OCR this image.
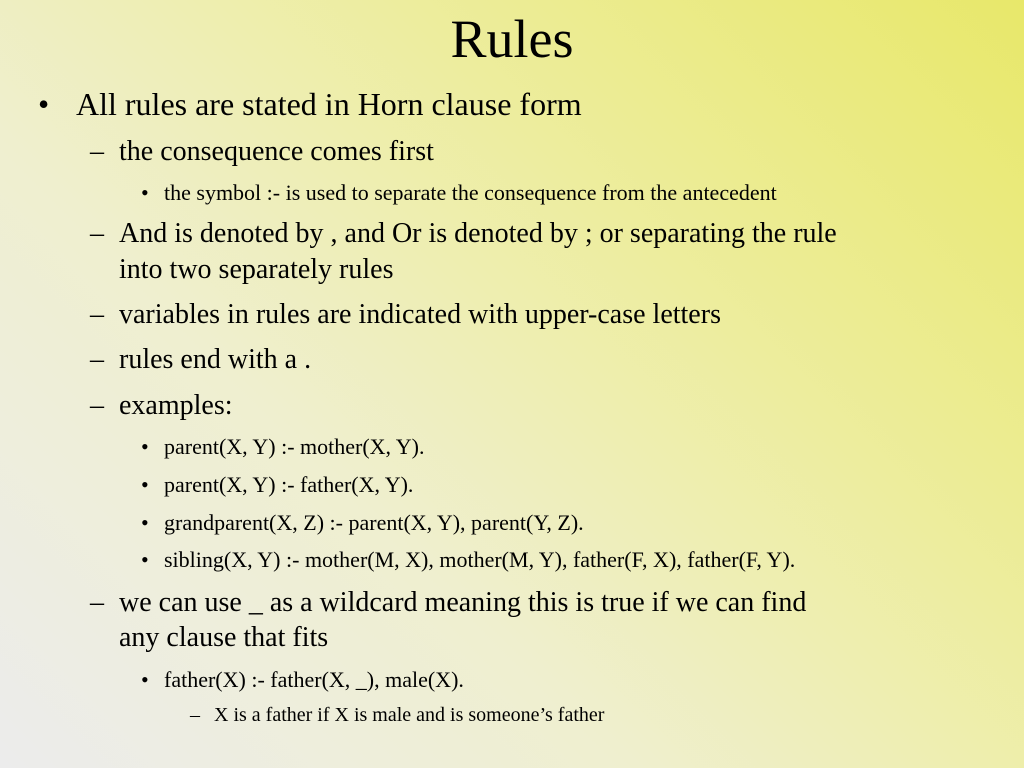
Rules
• All rules are stated in Horn clause form
– the consequence comes first
• the symbol :- is used to separate the consequence from the antecedent
– And is denoted by , and Or is denoted by ; or separating the rule
into two separately rules
– variables in rules are indicated with upper-case letters
– rules end with a .
– examples:
• parent(X, Y) :- mother(X, Y).
• parent(X, Y) :- father(X, Y).
• grandparent(X, Z) :- parent(X, Y), parent(Y, Z).
• sibling(X, Y) :- mother(M, X), mother(M, Y), father(F, X), father(F, Y).
– we can use _ as a wildcard meaning this is true if we can find
any clause that fits
• father(X) :- father(X, _), male(X).
– X is a father if X is male and is someone’s father
